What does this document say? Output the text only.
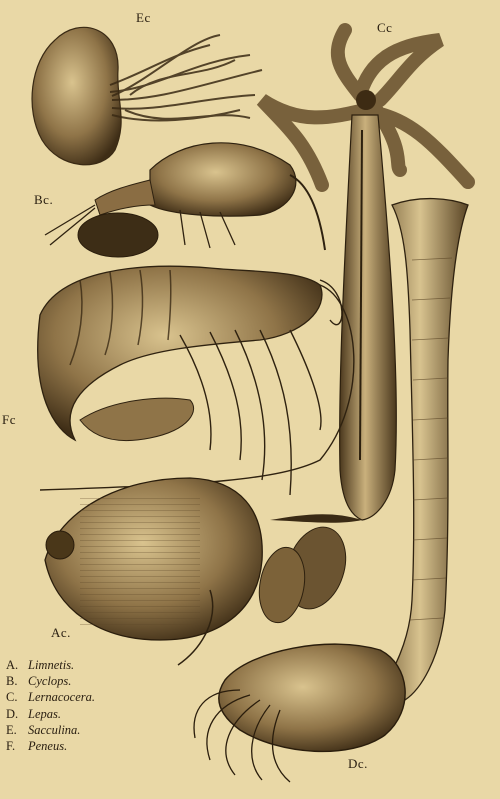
Ec
Cc
Bc.
Fc
Ac.
Dc.
A. Limnetis.
B. Cyclops.
C. Lernacocera.
D. Lepas.
E. Sacculina.
F. Peneus.
